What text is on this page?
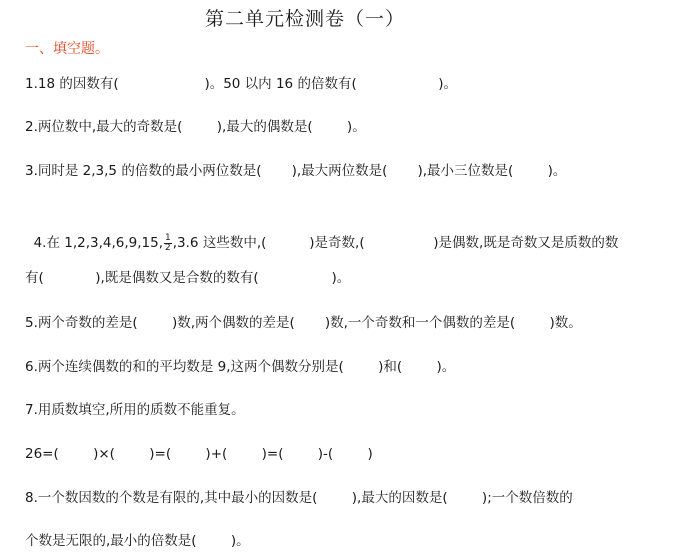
第二单元检测卷（一）
一、填空题。
1.18 的因数有(                    )。50 以内 16 的倍数有(                   )。
2.两位数中,最大的奇数是(        ),最大的偶数是(        )。
3.同时是 2,3,5 的倍数的最小两位数是(       ),最大两位数是(       ),最小三位数是(        )。

4.在 1,2,3,4,6,9,15, $\frac{1}{2} ,3.6$ 这些数中,(          )是奇数,(                )是偶数,既是奇数又是质数的数

有(            ),既是偶数又是合数的数有(                 )。
5.两个奇数的差是(        )数,两个偶数的差是(       )数,一个奇数和一个偶数的差是(        )数。
6.两个连续偶数的和的平均数是 9,这两个偶数分别是(        )和(        )。
7.用质数填空,所用的质数不能重复。
26=(        )×(        )=(        )+(        )=(        )-(        )
8.一个数因数的个数是有限的,其中最小的因数是(        ),最大的因数是(        );一个数倍数的
个数是无限的,最小的倍数是(        )。
